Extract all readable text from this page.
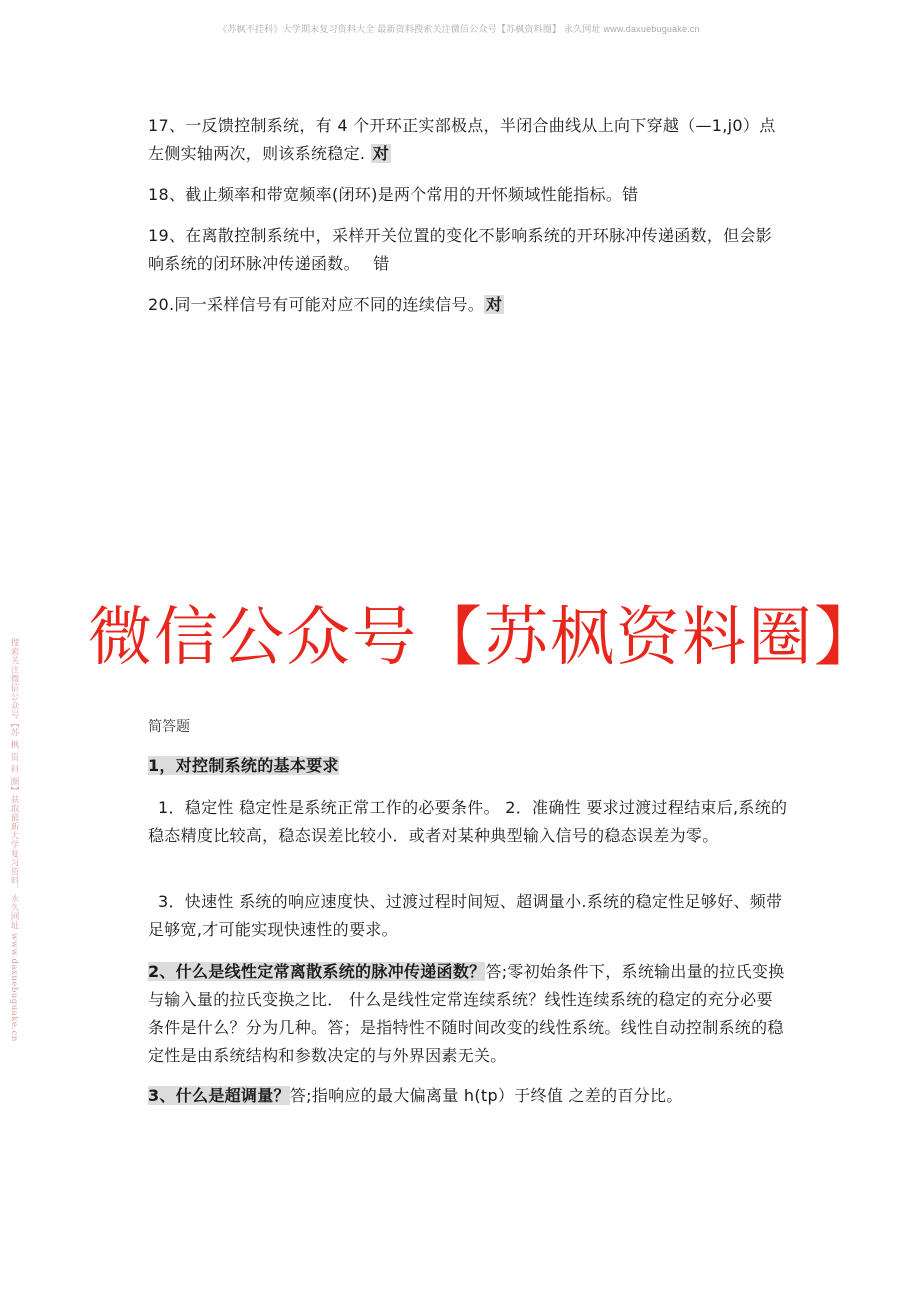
《苏枫不挂科》大学期末复习资料大全 最新资料搜索关注微信公众号【苏枫资料圈】 永久网址 www.daxuebuguake.cn
搜索关注微信公众号【苏 枫 资 料 圈】获取最新大学复习资料，永久网址 www.daxuebuguake.cn
17、一反馈控制系统，有 4 个开环正实部极点，半闭合曲线从上向下穿越（—1,j0）点左侧实轴两次，则该系统稳定. 对
18、截止频率和带宽频率(闭环)是两个常用的开怀频域性能指标。错
19、在离散控制系统中，采样开关位置的变化不影响系统的开环脉冲传递函数，但会影响系统的闭环脉冲传递函数。 错
20.同一采样信号有可能对应不同的连续信号。 对
微信公众号【苏枫资料圈】
简答题
1，对控制系统的基本要求
1．稳定性 稳定性是系统正常工作的必要条件。 2．准确性 要求过渡过程结束后,系统的稳态精度比较高，稳态误差比较小．或者对某种典型输入信号的稳态误差为零。
3．快速性 系统的响应速度快、过渡过程时间短、超调量小.系统的稳定性足够好、频带足够宽,才可能实现快速性的要求。
2、什么是线性定常离散系统的脉冲传递函数？答;零初始条件下，系统输出量的拉氏变换与输入量的拉氏变换之比． 什么是线性定常连续系统？线性连续系统的稳定的充分必要条件是什么？分为几种。答；是指特性不随时间改变的线性系统。线性自动控制系统的稳定性是由系统结构和参数决定的与外界因素无关。
3、什么是超调量？答;指响应的最大偏离量 h(tp）于终值 之差的百分比。
